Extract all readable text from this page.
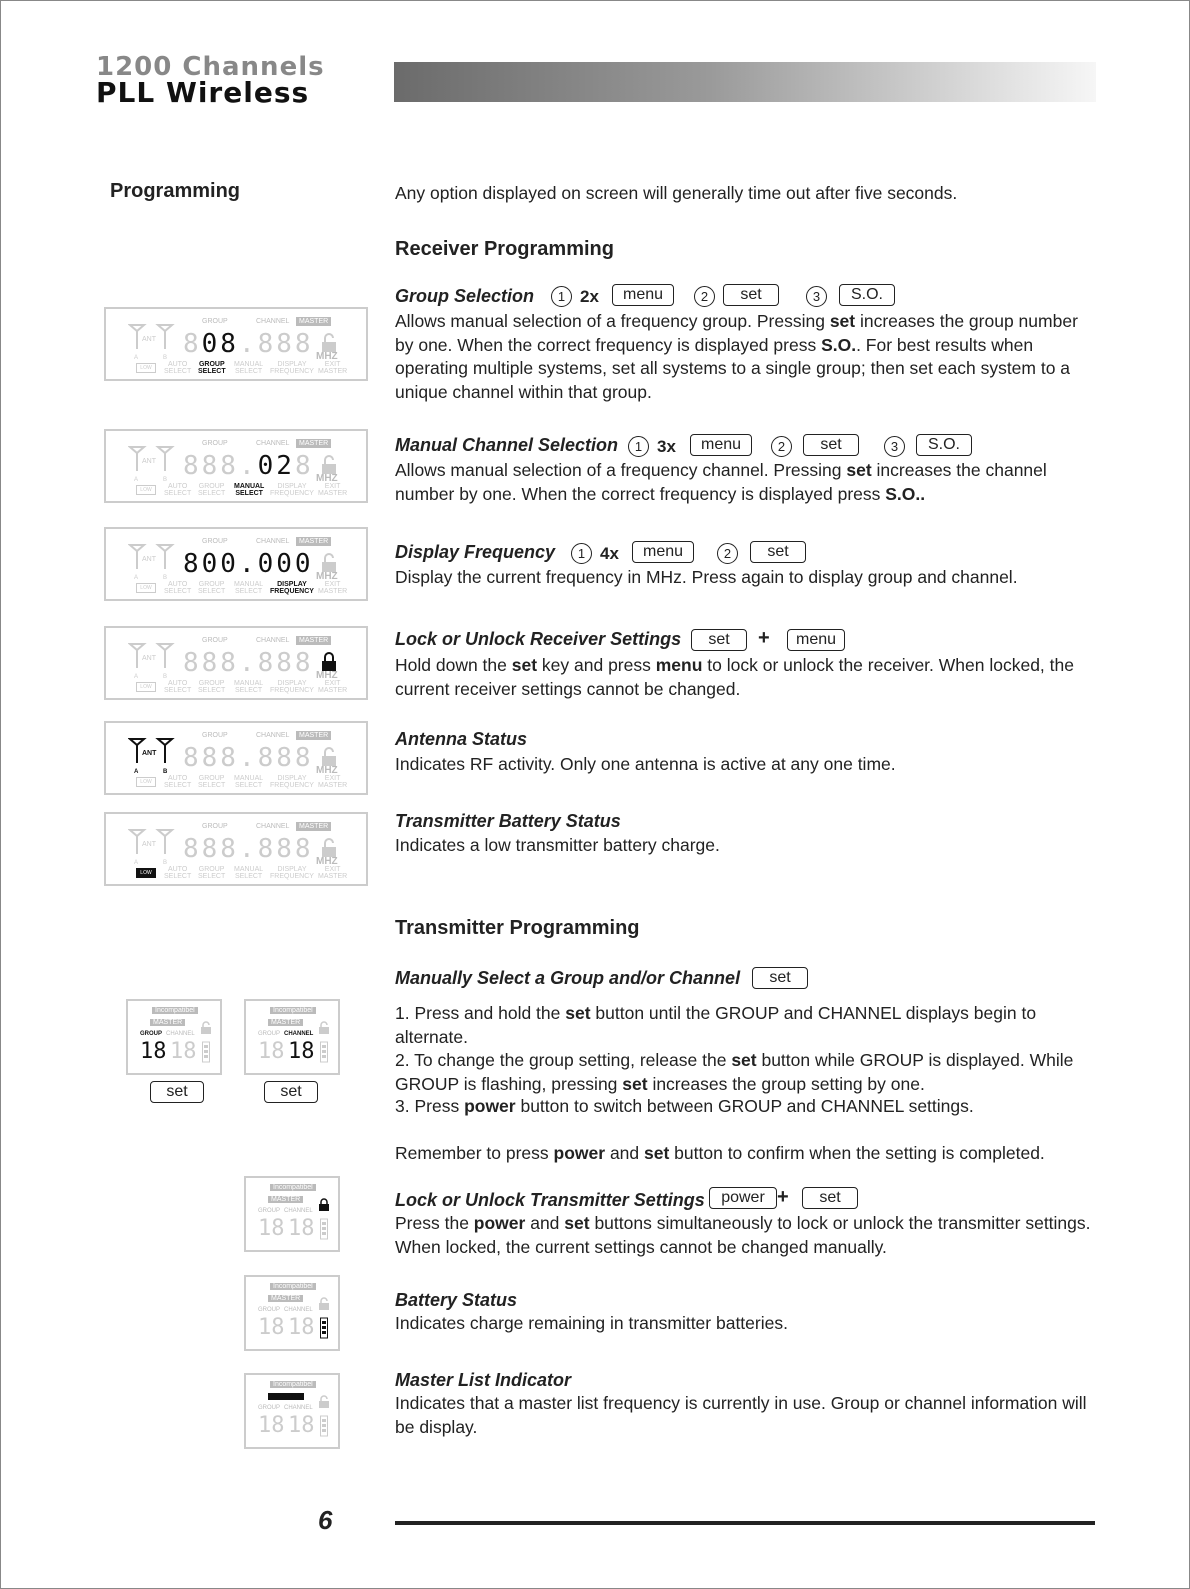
1200 Channels
PLL Wireless
Programming	Any option displayed on screen will generally time out after five seconds.
Receiver Programming
Group Selection	1 2x	menu	2	set	3	S.O.
Allows manual selection of a frequency group. Pressing set increases the group number by one. When the correct frequency is displayed press S.O.. For best results when operating multiple systems, set all systems to a single group; then set each system to a unique channel within that group.
Manual Channel Selection	1 3x	menu	2	set	3	S.O.
Allows manual selection of a frequency channel. Pressing set increases the channel number by one. When the correct frequency is displayed press S.O..
Display Frequency	1 4x	menu	2	set
Display the current frequency in MHz. Press again to display group and channel.
Lock or Unlock Receiver Settings	set	+	menu
Hold down the set key and press menu to lock or unlock the receiver. When locked, the current receiver settings cannot be changed.
Antenna Status
Indicates RF activity. Only one antenna is active at any one time.
Transmitter Battery Status
Indicates a low transmitter battery charge.
Transmitter Programming
Manually Select a Group and/or Channel	set
1. Press and hold the set button until the GROUP and CHANNEL displays begin to alternate.
2. To change the group setting, release the set button while GROUP is displayed. While GROUP is flashing, pressing set increases the group setting by one.
3. Press power button to switch between GROUP and CHANNEL settings.
Remember to press power and set button to confirm when the setting is completed.
Lock or Unlock Transmitter Settings	power +	set
Press the power and set buttons simultaneously to lock or unlock the transmitter settings. When locked, the current settings cannot be changed manually.
Battery Status
Indicates charge remaining in transmitter batteries.
Master List Indicator
Indicates that a master list frequency is currently in use. Group or channel information will be display.
ANT
A	B
GROUP	CHANNEL	MASTER
808.888 MHZ
LOW	AUTO
SELECT
GROUP
SELECT
MANUAL
SELECT
DISPLAY
FREQUENCY
EXIT
MASTER
ANT
A	B
GROUP	CHANNEL	MASTER
888.028 MHZ
LOW	AUTO
SELECT
GROUP
SELECT
MANUAL
SELECT
DISPLAY
FREQUENCY
EXIT
MASTER
ANT
A	B
GROUP	CHANNEL	MASTER
800.000 MHZ
LOW	AUTO
SELECT
GROUP
SELECT
MANUAL
SELECT
DISPLAY
FREQUENCY
EXIT
MASTER
ANT
A	B
GROUP	CHANNEL	MASTER
888.888 MHZ
LOW	AUTO
SELECT
GROUP
SELECT
MANUAL
SELECT
DISPLAY
FREQUENCY
EXIT
MASTER
ANT
A	B
GROUP	CHANNEL	MASTER
888.888 MHZ
LOW	AUTO
SELECT
GROUP
SELECT
MANUAL
SELECT
DISPLAY
FREQUENCY
EXIT
MASTER
ANT
A	B
GROUP	CHANNEL	MASTER
888.888 MHZ
LOW	AUTO
SELECT
GROUP
SELECT
MANUAL
SELECT
DISPLAY
FREQUENCY
EXIT
MASTER
Incompatibel
MASTER
GROUP CHANNEL
18 18
set
Incompatibel
MASTER
GROUP CHANNEL
18 18
set
Incompatibel
MASTER
GROUP CHANNEL
18 18
Incompatibel
MASTER
GROUP CHANNEL
18 18
Incompatibel
MASTER
GROUP CHANNEL
18 18
6
